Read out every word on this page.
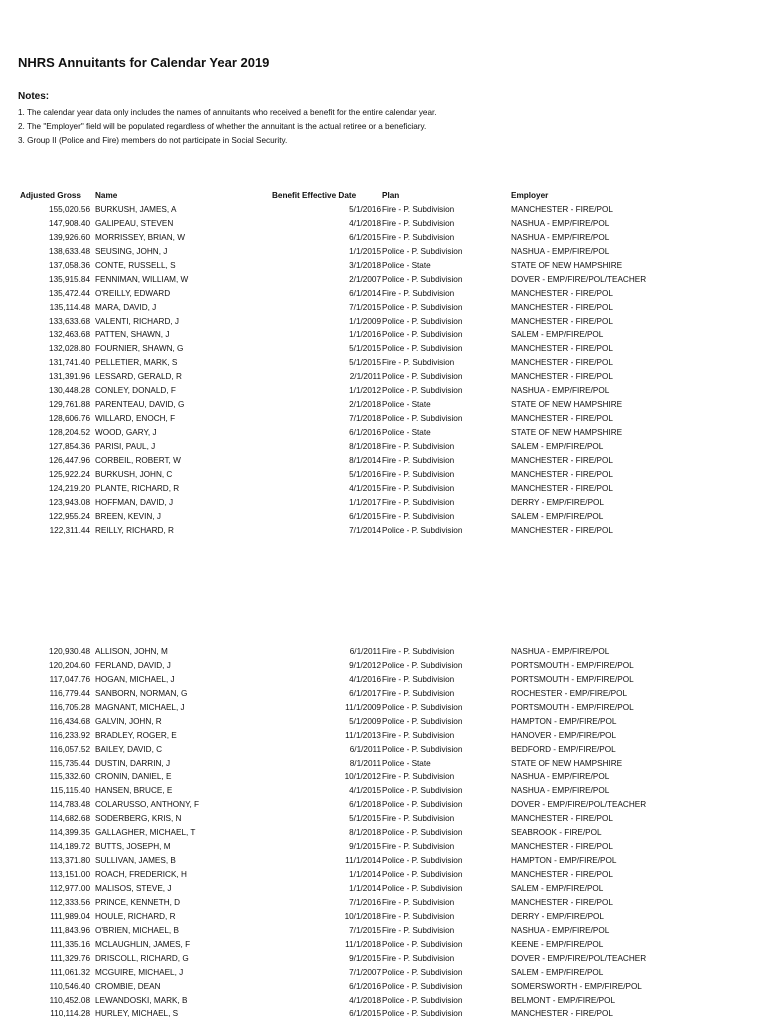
NHRS Annuitants for Calendar Year 2019
Notes:
1. The calendar year data only includes the names of annuitants who received a benefit for the entire calendar year.
2. The "Employer" field will be populated regardless of whether the annuitant is the actual retiree or a beneficiary.
3. Group II (Police and Fire) members do not participate in Social Security.
Adjusted Gross	Name	Benefit Effective Date	Plan	Employer
155,020.56 BURKUSH, JAMES, A	5/1/2016 Fire - P. Subdivision	MANCHESTER - FIRE/POL
147,908.40 GALIPEAU, STEVEN	4/1/2018 Fire - P. Subdivision	NASHUA - EMP/FIRE/POL
139,926.60 MORRISSEY, BRIAN, W	6/1/2015 Fire - P. Subdivision	NASHUA - EMP/FIRE/POL
138,633.48 SEUSING, JOHN, J	1/1/2015 Police - P. Subdivision	NASHUA - EMP/FIRE/POL
137,058.36 CONTE, RUSSELL, S	3/1/2018 Police - State	STATE OF NEW HAMPSHIRE
135,915.84 FENNIMAN, WILLIAM, W	2/1/2007 Police - P. Subdivision	DOVER - EMP/FIRE/POL/TEACHER
135,472.44 O'REILLY, EDWARD	6/1/2014 Fire - P. Subdivision	MANCHESTER - FIRE/POL
135,114.48 MARA, DAVID, J	7/1/2015 Police - P. Subdivision	MANCHESTER - FIRE/POL
133,633.68 VALENTI, RICHARD, J	1/1/2009 Police - P. Subdivision	MANCHESTER - FIRE/POL
132,463.68 PATTEN, SHAWN, J	1/1/2016 Police - P. Subdivision	SALEM - EMP/FIRE/POL
132,028.80 FOURNIER, SHAWN, G	5/1/2015 Police - P. Subdivision	MANCHESTER - FIRE/POL
131,741.40 PELLETIER, MARK, S	5/1/2015 Fire - P. Subdivision	MANCHESTER - FIRE/POL
131,391.96 LESSARD, GERALD, R	2/1/2011 Police - P. Subdivision	MANCHESTER - FIRE/POL
130,448.28 CONLEY, DONALD, F	1/1/2012 Police - P. Subdivision	NASHUA - EMP/FIRE/POL
129,761.88 PARENTEAU, DAVID, G	2/1/2018 Police - State	STATE OF NEW HAMPSHIRE
128,606.76 WILLARD, ENOCH, F	7/1/2018 Police - P. Subdivision	MANCHESTER - FIRE/POL
128,204.52 WOOD, GARY, J	6/1/2016 Police - State	STATE OF NEW HAMPSHIRE
127,854.36 PARISI, PAUL, J	8/1/2018 Fire - P. Subdivision	SALEM - EMP/FIRE/POL
126,447.96 CORBEIL, ROBERT, W	8/1/2014 Fire - P. Subdivision	MANCHESTER - FIRE/POL
125,922.24 BURKUSH, JOHN, C	5/1/2016 Fire - P. Subdivision	MANCHESTER - FIRE/POL
124,219.20 PLANTE, RICHARD, R	4/1/2015 Fire - P. Subdivision	MANCHESTER - FIRE/POL
123,943.08 HOFFMAN, DAVID, J	1/1/2017 Fire - P. Subdivision	DERRY - EMP/FIRE/POL
122,955.24 BREEN, KEVIN, J	6/1/2015 Fire - P. Subdivision	SALEM - EMP/FIRE/POL
122,311.44 REILLY, RICHARD, R	7/1/2014 Police - P. Subdivision	MANCHESTER - FIRE/POL
120,930.48 ALLISON, JOHN, M	6/1/2011 Fire - P. Subdivision	NASHUA - EMP/FIRE/POL
120,204.60 FERLAND, DAVID, J	9/1/2012 Police - P. Subdivision	PORTSMOUTH - EMP/FIRE/POL
117,047.76 HOGAN, MICHAEL, J	4/1/2016 Fire - P. Subdivision	PORTSMOUTH - EMP/FIRE/POL
116,779.44 SANBORN, NORMAN, G	6/1/2017 Fire - P. Subdivision	ROCHESTER - EMP/FIRE/POL
116,705.28 MAGNANT, MICHAEL, J	11/1/2009 Police - P. Subdivision	PORTSMOUTH - EMP/FIRE/POL
116,434.68 GALVIN, JOHN, R	5/1/2009 Police - P. Subdivision	HAMPTON - EMP/FIRE/POL
116,233.92 BRADLEY, ROGER, E	11/1/2013 Fire - P. Subdivision	HANOVER - EMP/FIRE/POL
116,057.52 BAILEY, DAVID, C	6/1/2011 Police - P. Subdivision	BEDFORD - EMP/FIRE/POL
115,735.44 DUSTIN, DARRIN, J	8/1/2011 Police - State	STATE OF NEW HAMPSHIRE
115,332.60 CRONIN, DANIEL, E	10/1/2012 Fire - P. Subdivision	NASHUA - EMP/FIRE/POL
115,115.40 HANSEN, BRUCE, E	4/1/2015 Police - P. Subdivision	NASHUA - EMP/FIRE/POL
114,783.48 COLARUSSO, ANTHONY, F	6/1/2018 Police - P. Subdivision	DOVER - EMP/FIRE/POL/TEACHER
114,682.68 SODERBERG, KRIS, N	5/1/2015 Fire - P. Subdivision	MANCHESTER - FIRE/POL
114,399.35 GALLAGHER, MICHAEL, T	8/1/2018 Police - P. Subdivision	SEABROOK - FIRE/POL
114,189.72 BUTTS, JOSEPH, M	9/1/2015 Fire - P. Subdivision	MANCHESTER - FIRE/POL
113,371.80 SULLIVAN, JAMES, B	11/1/2014 Police - P. Subdivision	HAMPTON - EMP/FIRE/POL
113,151.00 ROACH, FREDERICK, H	1/1/2014 Police - P. Subdivision	MANCHESTER - FIRE/POL
112,977.00 MALISOS, STEVE, J	1/1/2014 Police - P. Subdivision	SALEM - EMP/FIRE/POL
112,333.56 PRINCE, KENNETH, D	7/1/2016 Fire - P. Subdivision	MANCHESTER - FIRE/POL
111,989.04 HOULE, RICHARD, R	10/1/2018 Fire - P. Subdivision	DERRY - EMP/FIRE/POL
111,843.96 O'BRIEN, MICHAEL, B	7/1/2015 Fire - P. Subdivision	NASHUA - EMP/FIRE/POL
111,335.16 MCLAUGHLIN, JAMES, F	11/1/2018 Police - P. Subdivision	KEENE - EMP/FIRE/POL
111,329.76 DRISCOLL, RICHARD, G	9/1/2015 Fire - P. Subdivision	DOVER - EMP/FIRE/POL/TEACHER
111,061.32 MCGUIRE, MICHAEL, J	7/1/2007 Police - P. Subdivision	SALEM - EMP/FIRE/POL
110,546.40 CROMBIE, DEAN	6/1/2016 Police - P. Subdivision	SOMERSWORTH - EMP/FIRE/POL
110,452.08 LEWANDOSKI, MARK, B	4/1/2018 Police - P. Subdivision	BELMONT - EMP/FIRE/POL
110,114.28 HURLEY, MICHAEL, S	6/1/2015 Police - P. Subdivision	MANCHESTER - FIRE/POL
